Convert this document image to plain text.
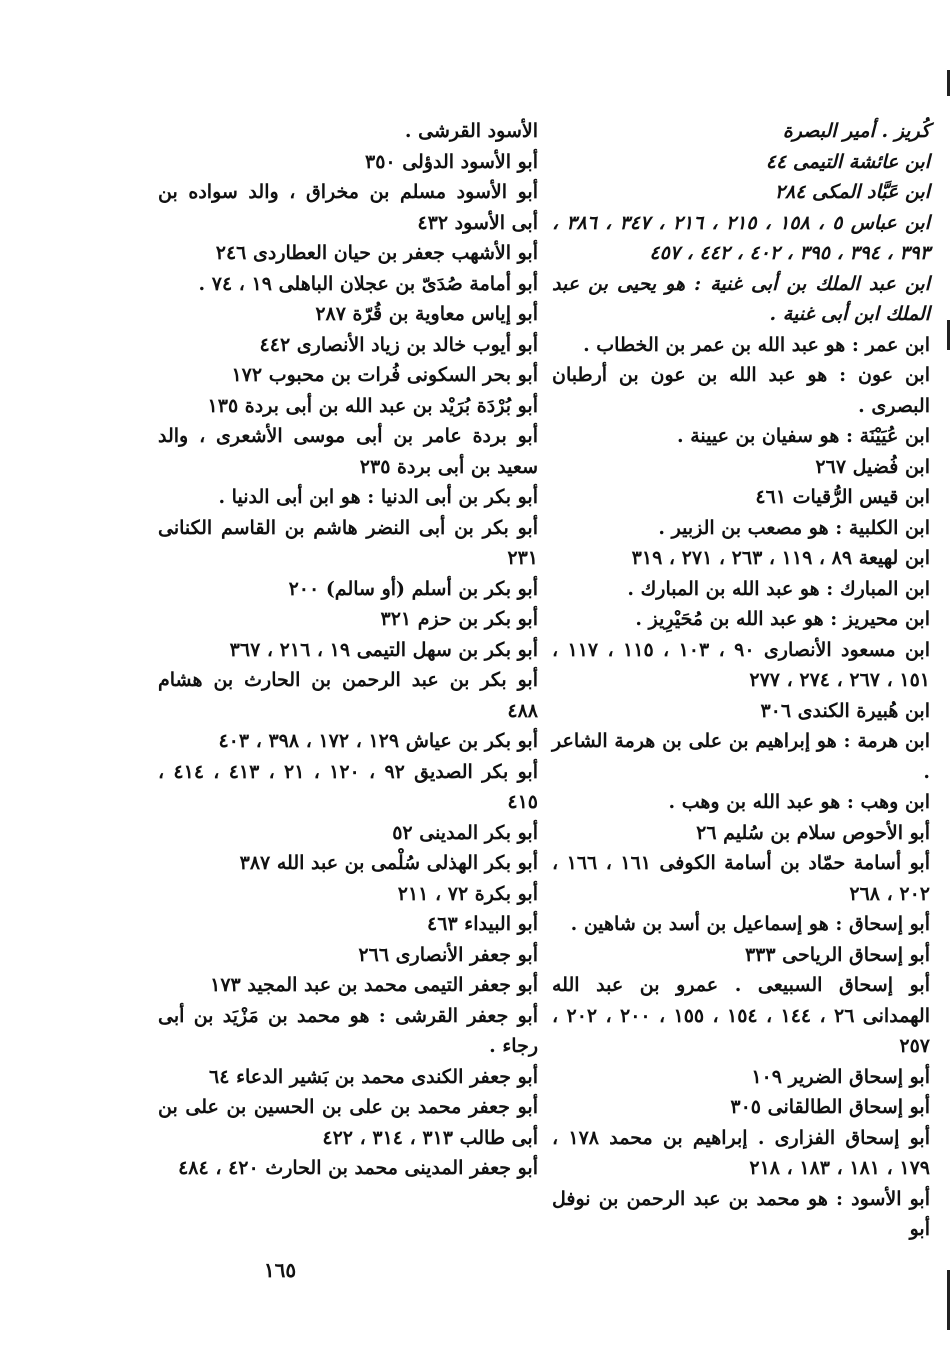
كُريز . أمير البصرة
ابن عائشة التيمى ٤٤
ابن عَبَّاد المكى ٢٨٤
ابن عباس ٥ ، ١٥٨ ، ٢١٥ ، ٢١٦ ، ٣٤٧ ، ٣٨٦ ، ٣٩٣ ، ٣٩٤ ، ٣٩٥ ، ٤٠٢ ، ٤٤٢ ، ٤٥٧
ابن عبد الملك بن أبى غنية : هو يحيى بن عبد الملك ابن أبى غنية .
ابن عمر : هو عبد الله بن عمر بن الخطاب .
ابن عون : هو عبد الله بن عون بن أرطبان البصرى .
ابن عُيَيْنَة : هو سفيان بن عيينة .
ابن فُضيل ٢٦٧
ابن قيس الرُّقيات ٤٦١
ابن الكلبية : هو مصعب بن الزبير .
ابن لهيعة ٨٩ ، ١١٩ ، ٢٦٣ ، ٢٧١ ، ٣١٩
ابن المبارك : هو عبد الله بن المبارك .
ابن محيريز : هو عبد الله بن مُحَيْرِيز .
ابن مسعود الأنصارى ٩٠ ، ١٠٣ ، ١١٥ ، ١١٧ ، ١٥١ ، ٢٦٧ ، ٢٧٤ ، ٢٧٧
ابن هُبيرة الكندى ٣٠٦
ابن هرمة : هو إبراهيم بن على بن هرمة الشاعر .
ابن وهب : هو عبد الله بن وهب .
أبو الأحوص سلام بن سُليم ٢٦
أبو أسامة حمّاد بن أسامة الكوفى ١٦١ ، ١٦٦ ، ٢٠٢ ، ٢٦٨
أبو إسحاق : هو إسماعيل بن أسد بن شاهين .
أبو إسحاق الرياحى ٣٣٣
أبو إسحاق السبيعى . عمرو بن عبد الله الهمدانى ٢٦ ، ١٤٤ ، ١٥٤ ، ١٥٥ ، ٢٠٠ ، ٢٠٢ ، ٢٥٧
أبو إسحاق الضرير ١٠٩
أبو إسحاق الطالقانى ٣٠٥
أبو إسحاق الفزارى . إبراهيم بن محمد ١٧٨ ، ١٧٩ ، ١٨١ ، ١٨٣ ، ٢١٨
أبو الأسود : هو محمد بن عبد الرحمن بن نوفل أبو
الأسود القرشى .
أبو الأسود الدؤلى ٣٥٠
أبو الأسود مسلم بن مخراق ، والد سواده بن أبى الأسود ٤٣٢
أبو الأشهب جعفر بن حيان العطاردى ٢٤٦
أبو أمامة صُدَىّ بن عجلان الباهلى ١٩ ، ٧٤ .
أبو إياس معاوية بن قُرّة ٢٨٧
أبو أيوب خالد بن زياد الأنصارى ٤٤٢
أبو بحر السكونى فُرات بن محبوب ١٧٢
أبو بُرْدَة بُرَيْد بن عبد الله بن أبى بردة ١٣٥
أبو بردة عامر بن أبى موسى الأشعرى ، والد سعيد بن أبى بردة ٢٣٥
أبو بكر بن أبى الدنيا : هو ابن أبى الدنيا .
أبو بكر بن أبى النضر هاشم بن القاسم الكنانى ٢٣١
أبو بكر بن أسلم (أو سالم) ٢٠٠
أبو بكر بن حزم ٣٢١
أبو بكر بن سهل التيمى ١٩ ، ٢١٦ ، ٣٦٧
أبو بكر بن عبد الرحمن بن الحارث بن هشام ٤٨٨
أبو بكر بن عياش ١٢٩ ، ١٧٢ ، ٣٩٨ ، ٤٠٣
أبو بكر الصديق ٩٢ ، ١٢٠ ، ٢١ ، ٤١٣ ، ٤١٤ ، ٤١٥
أبو بكر المدينى ٥٢
أبو بكر الهذلى سُلْمى بن عبد الله ٣٨٧
أبو بكرة ٧٢ ، ٢١١
أبو البيداء ٤٦٣
أبو جعفر الأنصارى ٢٦٦
أبو جعفر التيمى محمد بن عبد المجيد ١٧٣
أبو جعفر القرشى : هو محمد بن مَزْيَد بن أبى رجاء .
أبو جعفر الكندى محمد بن بَشير الدعاء ٦٤
أبو جعفر محمد بن على بن الحسين بن على بن أبى طالب ٣١٣ ، ٣١٤ ، ٤٢٢
أبو جعفر المدينى محمد بن الحارث ٤٢٠ ، ٤٨٤
١٦٥
